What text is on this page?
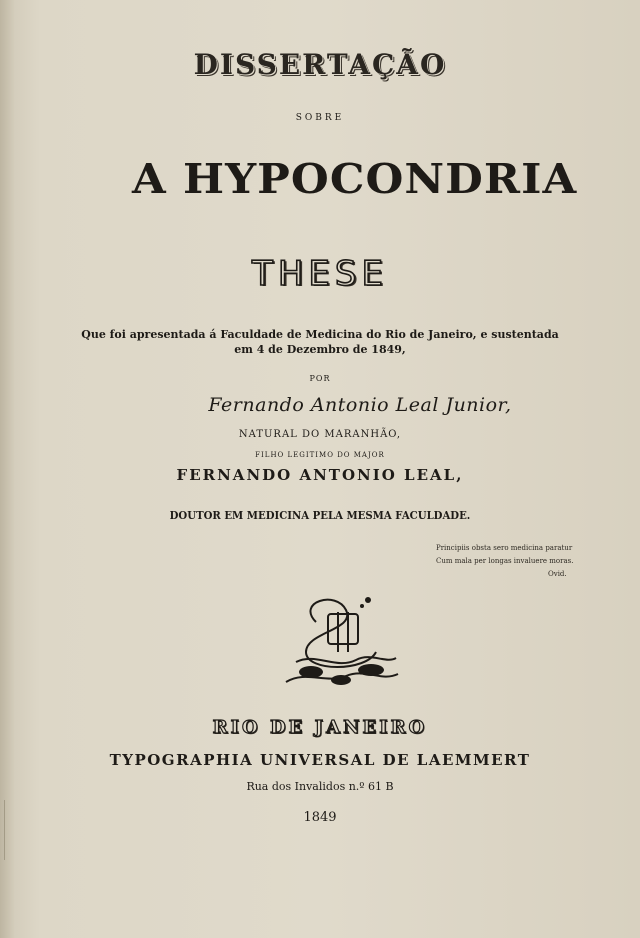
DISSERTAÇÃO
SOBRE
A HYPOCONDRIA
THESE
Que foi apresentada á Faculdade de Medicina do Rio de Janeiro, e sustentada
em 4 de Dezembro de 1849,
POR
Fernando Antonio Leal Junior,
NATURAL DO MARANHÃO,
FILHO LEGITIMO DO MAJOR
FERNANDO ANTONIO LEAL,
DOUTOR EM MEDICINA PELA MESMA FACULDADE.
Principiis obsta sero medicina paratur
Cum mala per longas invaluere moras.
Ovid.
RIO DE JANEIRO
TYPOGRAPHIA UNIVERSAL DE LAEMMERT
Rua dos Invalidos n.º 61 B
1849
